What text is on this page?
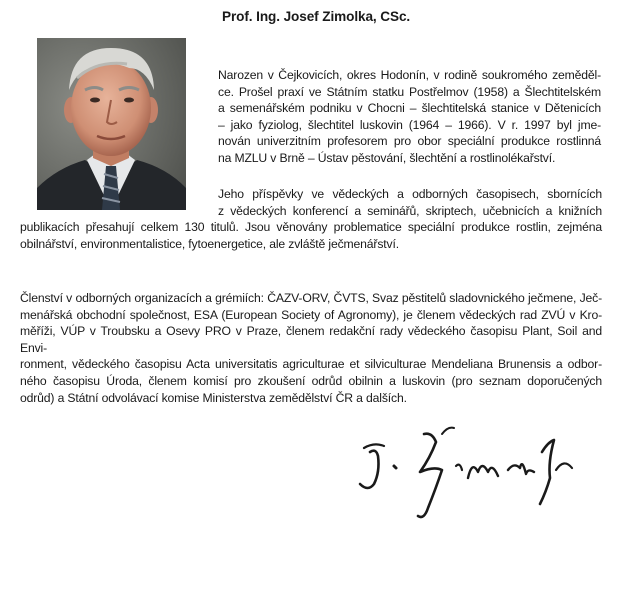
Prof. Ing. Josef Zimolka, CSc.
Narozen v Čejkovicích, okres Hodonín, v rodině soukromého zeměděl-
ce. Prošel praxí ve Státním statku Postřelmov (1958) a Šlechtitelském
a semenářském podniku v Chocni – šlechtitelská stanice v Dětenicích
– jako fyziolog, šlechtitel luskovin (1964 – 1966). V r. 1997 byl jme-
nován univerzitním profesorem pro obor speciální produkce rostlinná
na MZLU v Brně – Ústav pěstování, šlechtění a rostlinolékařství.
Jeho příspěvky ve vědeckých a odborných časopisech, sbornících
z vědeckých konferencí a seminářů, skriptech, učebnicích a knižních
publikacích přesahují celkem 130 titulů. Jsou věnovány problematice speciální produkce rostlin, zejména
obilnářství, environmentalistice, fytoenergetice, ale zvláště ječmenářství.
Členství v odborných organizacích a grémiích: ČAZV-ORV, ČVTS, Svaz pěstitelů sladovnického ječmene, Ječ-
menářská obchodní společnost, ESA (European Society of Agronomy), je členem vědeckých rad ZVÚ v Kro-
měříži, VÚP v Troubsku a Osevy PRO v Praze, členem redakční rady vědeckého časopisu Plant, Soil and Envi-
ronment, vědeckého časopisu Acta universitatis agriculturae et silviculturae Mendeliana Brunensis a odbor-
ného časopisu Úroda, členem komisí pro zkoušení odrůd obilnin a luskovin (pro seznam doporučených
odrůd) a Státní odvolávací komise Ministerstva zemědělství ČR a dalších.
